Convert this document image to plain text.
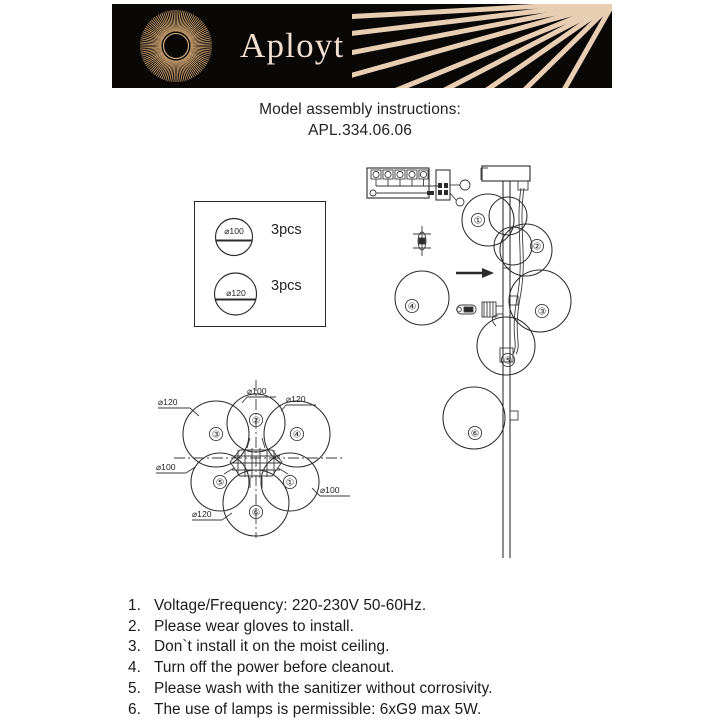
Aployt
Model assembly instructions:
APL.334.06.06
3pcs
⌀100
3pcs
⌀120
①
②
③	④
⑤
⑥
⌀120
⌀100
⌀120
⌀100
⌀100
⌀120
①
②
③
⑤
⑥
④
1. Voltage/Frequency: 220-230V 50-60Hz.
2. Please wear gloves to install.
3. Don`t install it on the moist ceiling.
4. Turn off the power before cleanout.
5. Please wash with the sanitizer without corrosivity.
6. The use of lamps is permissible: 6xG9 max 5W.
